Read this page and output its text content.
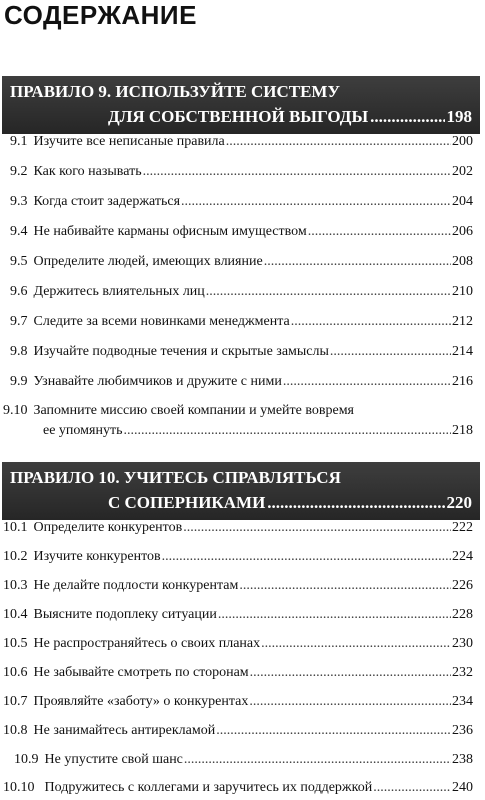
СОДЕРЖАНИЕ
ПРАВИЛО 9. ИСПОЛЬЗУЙТЕ СИСТЕМУ
ДЛЯ СОБСТВЕННОЙ ВЫГОДЫ .....	198
9.1 Изучите все неписаные правила .....	200
9.2 Как кого называть .....	202
9.3 Когда стоит задержаться .....	204
9.4 Не набивайте карманы офисным имуществом .....	206
9.5 Определите людей, имеющих влияние .....	208
9.6 Держитесь влиятельных лиц .....	210
9.7 Следите за всеми новинками менеджмента .....	212
9.8 Изучайте подводные течения и скрытые замыслы .....	214
9.9 Узнавайте любимчиков и дружите с ними .....	216
9.10 Запомните миссию своей компании и умейте вовремя
ее упомянуть .....	218
ПРАВИЛО 10. УЧИТЕСЬ СПРАВЛЯТЬСЯ
С СОПЕРНИКАМИ .....	220
10.1 Определите конкурентов .....	222
10.2 Изучите конкурентов .....	224
10.3 Не делайте подлости конкурентам .....	226
10.4 Выясните подоплеку ситуации .....	228
10.5 Не распространяйтесь о своих планах .....	230
10.6 Не забывайте смотреть по сторонам .....	232
10.7 Проявляйте «заботу» о конкурентах .....	234
10.8 Не занимайтесь антирекламой .....	236
10.9 Не упустите свой шанс .....	238
10.10 Подружитесь с коллегами и заручитесь их поддержкой .....	240
